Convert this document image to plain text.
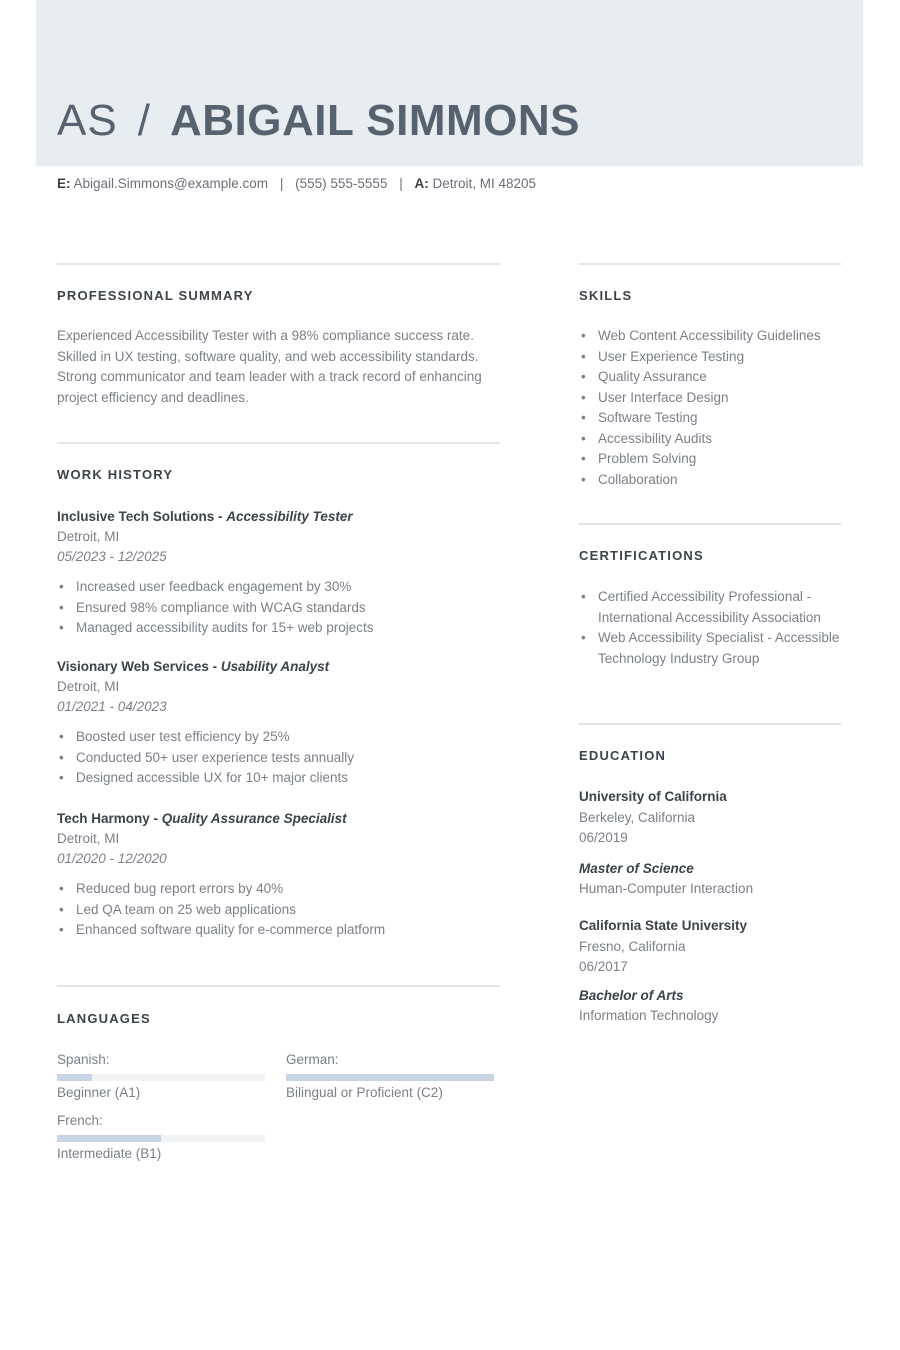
AS / ABIGAIL SIMMONS
E: Abigail.Simmons@example.com | (555) 555-5555 | A: Detroit, MI 48205
PROFESSIONAL SUMMARY
Experienced Accessibility Tester with a 98% compliance success rate. Skilled in UX testing, software quality, and web accessibility standards. Strong communicator and team leader with a track record of enhancing project efficiency and deadlines.
WORK HISTORY
Inclusive Tech Solutions - Accessibility Tester
Detroit, MI
05/2023 - 12/2025
• Increased user feedback engagement by 30%
• Ensured 98% compliance with WCAG standards
• Managed accessibility audits for 15+ web projects
Visionary Web Services - Usability Analyst
Detroit, MI
01/2021 - 04/2023
• Boosted user test efficiency by 25%
• Conducted 50+ user experience tests annually
• Designed accessible UX for 10+ major clients
Tech Harmony - Quality Assurance Specialist
Detroit, MI
01/2020 - 12/2020
• Reduced bug report errors by 40%
• Led QA team on 25 web applications
• Enhanced software quality for e-commerce platform
LANGUAGES
Spanish:
Beginner (A1)
German:
Bilingual or Proficient (C2)
French:
Intermediate (B1)
SKILLS
• Web Content Accessibility Guidelines
• User Experience Testing
• Quality Assurance
• User Interface Design
• Software Testing
• Accessibility Audits
• Problem Solving
• Collaboration
CERTIFICATIONS
• Certified Accessibility Professional - International Accessibility Association
• Web Accessibility Specialist - Accessible Technology Industry Group
EDUCATION
University of California
Berkeley, California
06/2019
Master of Science
Human-Computer Interaction
California State University
Fresno, California
06/2017
Bachelor of Arts
Information Technology
